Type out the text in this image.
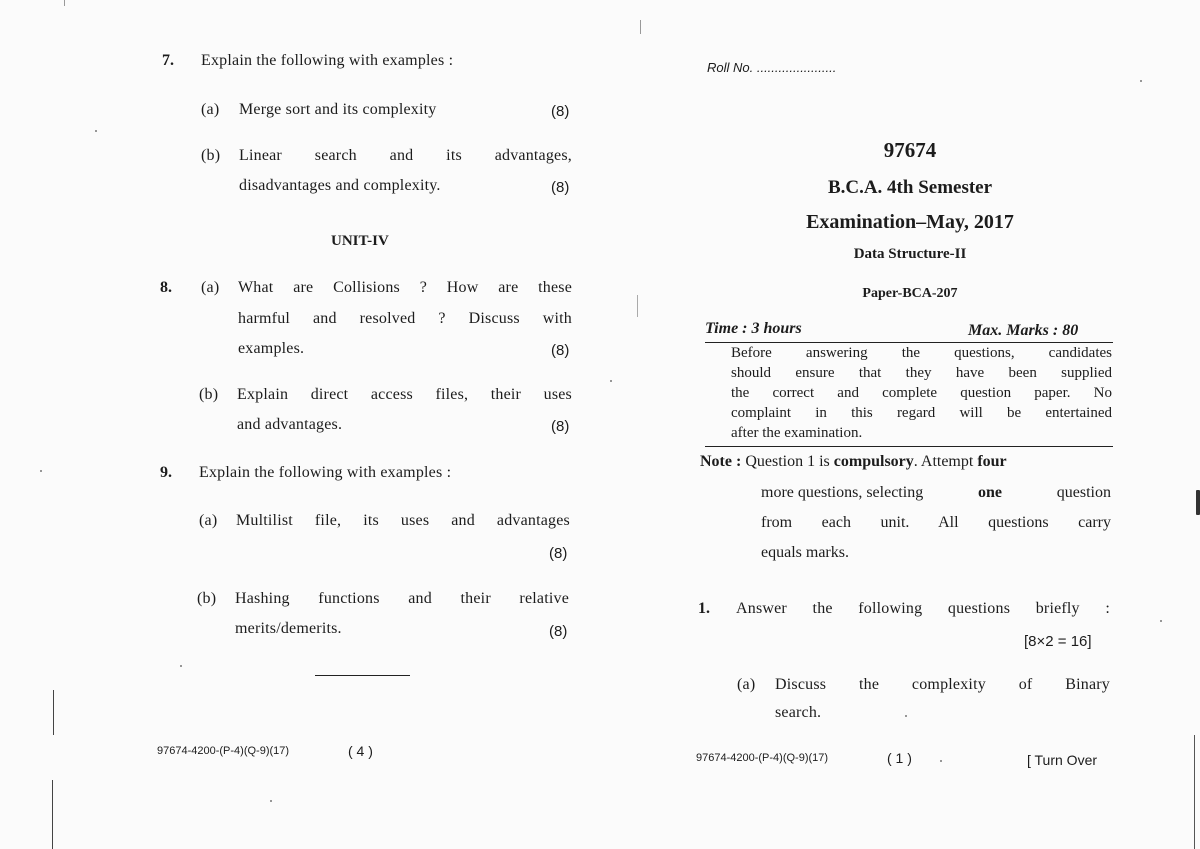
7. Explain the following with examples :
(a) Merge sort and its complexity	(8)
(b) Linear search and its advantages,
disadvantages and complexity.	(8)
UNIT-IV
8. (a) What are Collisions ? How are these
harmful and resolved ? Discuss with
examples.	(8)
(b) Explain direct access files, their uses
and advantages.	(8)
9. Explain the following with examples :
(a) Multilist file, its uses and advantages
(8)
(b) Hashing functions and their relative
merits/demerits.	(8)
97674-4200-(P-4)(Q-9)(17)	( 4 )
Roll No. ......................
97674
B.C.A. 4th Semester
Examination–May, 2017
Data Structure-II
Paper-BCA-207
Time : 3 hours	Max. Marks : 80
Before answering the questions, candidates
should ensure that they have been supplied
the correct and complete question paper. No
complaint in this regard will be entertained
after the examination.
Note : Question 1 is compulsory. Attempt four
more questions, selecting	one	question
from each unit. All questions carry
equals marks.
1. Answer the following questions briefly :
[8×2 = 16]
(a) Discuss the complexity of Binary
search.
97674-4200-(P-4)(Q-9)(17)	( 1 )	[ Turn Over
